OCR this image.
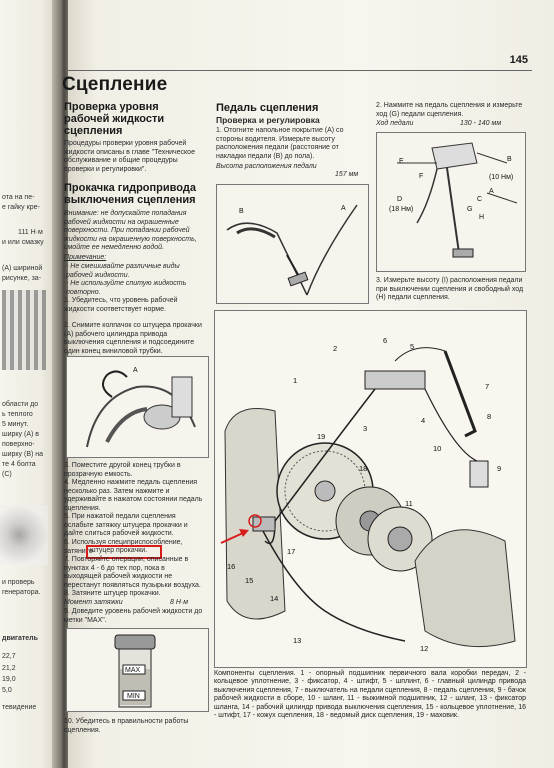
ота на пе-
е гайку кре-
111 Н·м
и или смазку
(А) шириной
рисунке, за-
области до
ь теплого
5 минут.
ширку (А) в
поверхно-
ширку (В) на
те 4 болта
(С)
и проверь
генератора.
двигатель
22,7
21,2
19,0
5,0
тевидение
145
Сцепление
Проверка уровня рабочей жидкости сцепления
Процедуры проверки уровня рабочей жидкости описаны в главе "Техническое обслуживание и общие процедуры проверки и регулировки".
Прокачка гидропривода выключения сцепления
Внимание: не допускайте попадания рабочей жидкости на окрашенные поверхности. При попадании рабочей жидкости на окрашенную поверхность, смойте ее немедленно водой.
Примечание:
- Не смешивайте различные виды рабочей жидкости.
- Не используйте спитую жидкость повторно.
1. Убедитесь, что уровень рабочей жидкости соответствует норме.
2. Снимите колпачок со штуцера прокачки (А) рабочего цилиндра привода выключения сцепления и подсоедините один конец виниловой трубки.
A
3. Поместите другой конец трубки в прозрачную емкость.
4. Медленно нажмите педаль сцепления несколько раз. Затем нажмите и удерживайте в нажатом состоянии педаль сцепления.
5. При нажатой педали сцепления ослабьте затяжку штуцера прокачки и дайте слиться рабочей жидкости.
6. Используя специприспособление, затяните
штуцер прокачки.
7. Повторяйте операции, описанные в пунктах 4 - 6 до тех пор, пока в выходящей рабочей жидкости не перестанут появляться пузырьки воздуха.
8. Затяните штуцер прокачки.
Момент затяжки	8 Н·м
9. Доведите уровень рабочей жидкости до метки "MAX".
MAX
MIN
10. Убедитесь в правильности работы сцепления.
Педаль сцепления
Проверка и регулировка
1. Отогните напольное покрытие (А) со стороны водителя. Измерьте высоту расположения педали (расстояние от накладки педали (В) до пола).
Высота расположения педали
157 мм
B	A
2. Нажмите на педаль сцепления и измерьте ход (G) педали сцепления.
Ход педали	130 - 140 мм
E
F
B
(10 Нм)
A
C
D
(18 Нм)	G
H
3. Измерьте высоту (I) расположения педали при выключении сцепления и свободный ход (H) педали сцепления.
1
2
3
4
5
6
7
8
9
10
11
12
13
14
15
16
17
18
19
Компоненты сцепления. 1 - опорный подшипник первичного вала коробки передач, 2 - кольцевое уплотнение, 3 - фиксатор, 4 - штифт, 5 - шплинт, 6 - главный цилиндр привода выключения сцепления, 7 - выключатель на педали сцепления, 8 - педаль сцепления, 9 - бачок рабочей жидкости в сборе, 10 - шланг, 11 - выжимной подшипник, 12 - шланг, 13 - фиксатор шланга, 14 - рабочий цилиндр привода выключения сцепления, 15 - кольцевое уплотнение, 16 - штифт, 17 - кожух сцепления, 18 - ведомый диск сцепления, 19 - маховик.
